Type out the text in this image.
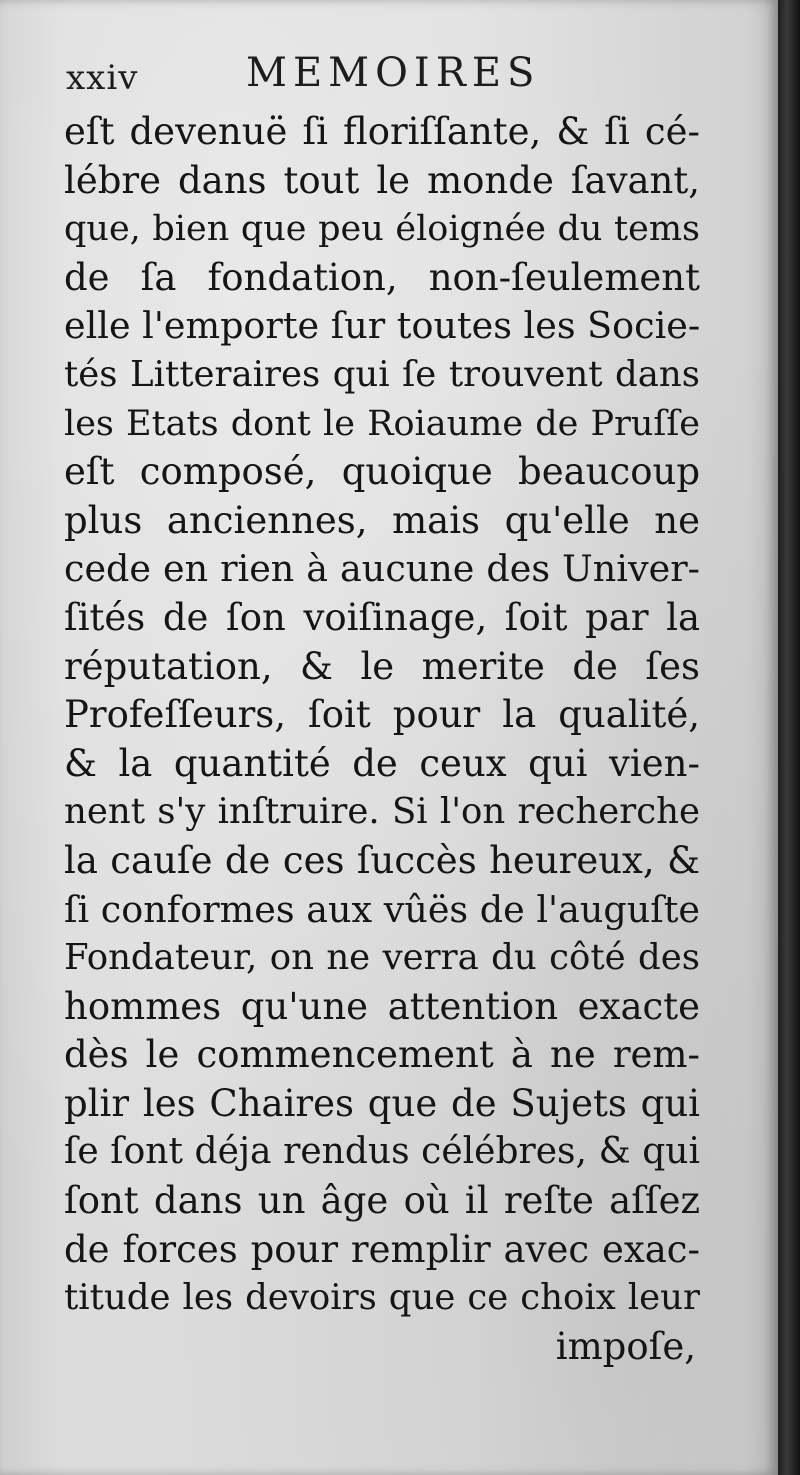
xxiv	MEMOIRES
eſt devenuë ſi floriſſante, & ſi cé-
lébre dans tout le monde ſavant,
que, bien que peu éloignée du tems
de ſa fondation, non-ſeulement
elle l'emporte ſur toutes les Socie-
tés Litteraires qui ſe trouvent dans
les Etats dont le Roiaume de Pruſſe
eſt composé, quoique beaucoup
plus anciennes, mais qu'elle ne
cede en rien à aucune des Univer-
ſités de ſon voiſinage, ſoit par la
réputation, & le merite de ſes
Profeſſeurs, ſoit pour la qualité,
& la quantité de ceux qui vien-
nent s'y inſtruire. Si l'on recherche
la cauſe de ces ſuccès heureux, &
ſi conformes aux vûës de l'auguſte
Fondateur, on ne verra du côté des
hommes qu'une attention exacte
dès le commencement à ne rem-
plir les Chaires que de Sujets qui
ſe ſont déja rendus célébres, & qui
ſont dans un âge où il reſte aſſez
de forces pour remplir avec exac-
titude les devoirs que ce choix leur
impoſe,
